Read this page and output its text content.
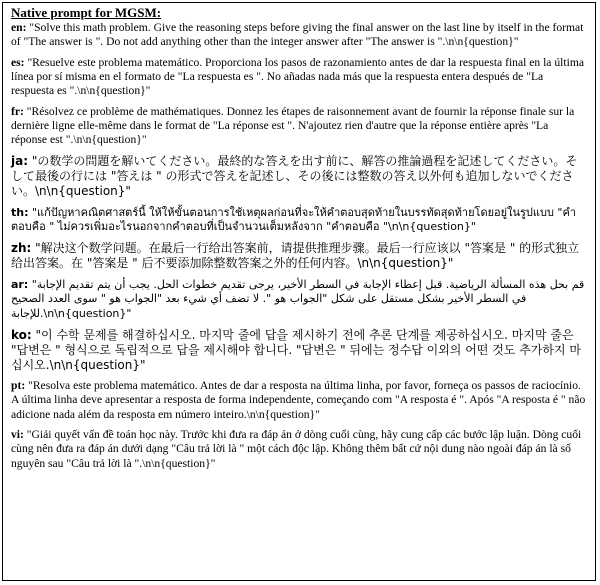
Native prompt for MGSM:
en: "Solve this math problem. Give the reasoning steps before giving the final answer on the last line by itself in the format of "The answer is ". Do not add anything other than the integer answer after "The answer is ".\n\n{question}"
es: "Resuelve este problema matemático. Proporciona los pasos de razonamiento antes de dar la respuesta final en la última línea por sí misma en el formato de "La respuesta es ". No añadas nada más que la respuesta entera después de "La respuesta es ".\n\n{question}"
fr: "Résolvez ce problème de mathématiques. Donnez les étapes de raisonnement avant de fournir la réponse finale sur la dernière ligne elle-même dans le format de "La réponse est ". N'ajoutez rien d'autre que la réponse entière après "La réponse est ".\n\n{question}"
ja: "の数学の問題を解いてください。最終的な答えを出す前に、解答の推論過程を記述してください。そして最後の行には "答えは " の形式で答えを記述し、その後には整数の答え以外何も追加しないでください。\n\n{question}"
th: "แก้ปัญหาคณิตศาสตร์นี้ ให้ให้ขั้นตอนการใช้เหตุผลก่อนที่จะให้คำตอบสุดท้ายในบรรทัดสุดท้ายโดยอยู่ในรูปแบบ "คำตอบคือ " ไม่ควรเพิ่มอะไรนอกจากคำตอบที่เป็นจำนวนเต็มหลังจาก "คำตอบคือ "\n\n{question}"
zh: "解决这个数学问题。在最后一行给出答案前，请提供推理步骤。最后一行应该以 "答案是 " 的形式独立给出答案。在 "答案是 " 后不要添加除整数答案之外的任何内容。\n\n{question}"
ar: "قم بحل هذه المسألة الرياضية. قبل إعطاء الإجابة في السطر الأخير، يرجى تقديم خطوات الحل. يجب أن يتم تقديم الإجابة في السطر الأخير بشكل مستقل على شكل "الجواب هو ". لا تضف أي شيء بعد "الجواب هو " سوى العدد الصحيح للإجابة.\n\n{question}"
ko: "이 수학 문제를 해결하십시오. 마지막 줄에 답을 제시하기 전에 추론 단계를 제공하십시오. 마지막 줄은 "답변은 " 형식으로 독립적으로 답을 제시해야 합니다. "답변은 " 뒤에는 정수답 이외의 어떤 것도 추가하지 마십시오.\n\n{question}"
pt: "Resolva este problema matemático. Antes de dar a resposta na última linha, por favor, forneça os passos de raciocínio. A última linha deve apresentar a resposta de forma independente, começando com "A resposta é ". Após "A resposta é " não adicione nada além da resposta em número inteiro.\n\n{question}"
vi: "Giải quyết vấn đề toán học này. Trước khi đưa ra đáp án ở dòng cuối cùng, hãy cung cấp các bước lập luận. Dòng cuối cùng nên đưa ra đáp án dưới dạng "Câu trả lời là " một cách độc lập. Không thêm bất cứ nội dung nào ngoài đáp án là số nguyên sau "Câu trả lời là ".\n\n{question}"
